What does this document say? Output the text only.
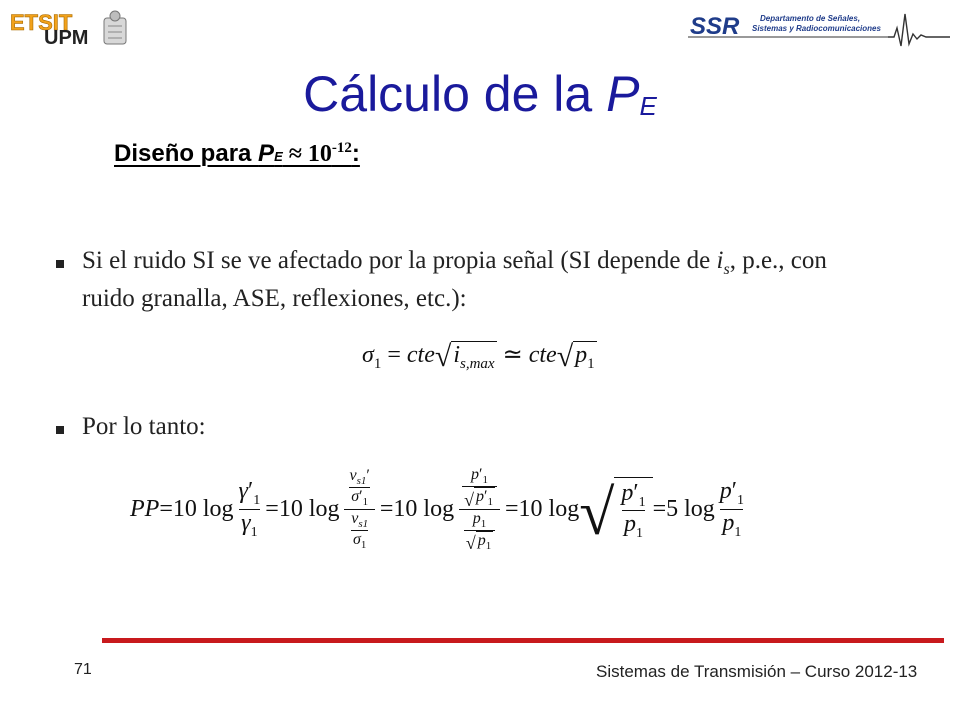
ETSIT
UPM	SSR	Departamento de Señales,
Sistemas y Radiocomunicaciones
Cálculo de la $P_E$
Diseño para PE ≈ $10^{-12}$:
Si el ruido SI se ve afectado por la propia señal (SI depende de $i_s$, p.e., con
ruido granalla, ASE, reflexiones, etc.):
$\sigma_1$ = cte √ $i_{s,max}$ ≃ cte √ $p_1$
Por lo tanto:
PP = 10 $\log \frac{\gamma'_1}{\gamma_1} = 10$ $\log \frac{\frac{v_{s1}'}{\sigma'_1}}{\frac{v_{s1}}{\sigma_1}} = 10$ $\log \frac{\frac{p'_1}{√ p'_1}}{\frac{p_1}{√ p_1}} = 10$ log √ $\frac{p'_1}{p_1} = 5$ $\log \frac{p'_1}{p_1}$
71	Sistemas de Transmisión – Curso 2012-13
